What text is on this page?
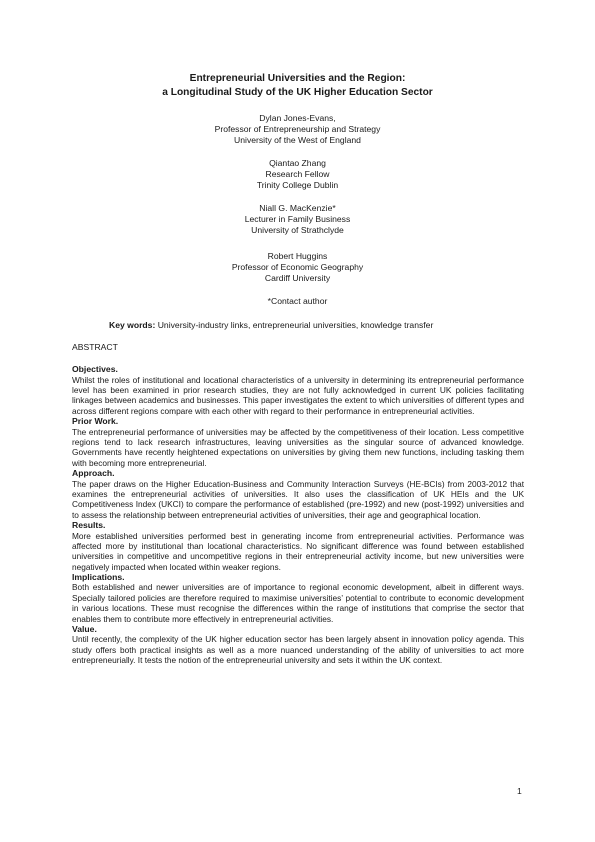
Entrepreneurial Universities and the Region:
a Longitudinal Study of the UK Higher Education Sector
Dylan Jones-Evans,
Professor of Entrepreneurship and Strategy
University of the West of England
Qiantao Zhang
Research Fellow
Trinity College Dublin
Niall G. MacKenzie*
Lecturer in Family Business
University of Strathclyde
Robert Huggins
Professor of Economic Geography
Cardiff University
*Contact author
Key words: University-industry links, entrepreneurial universities, knowledge transfer
ABSTRACT
Objectives.

Whilst the roles of institutional and locational characteristics of a university in determining its entrepreneurial performance level has been examined in prior research studies, they are not fully acknowledged in current UK policies facilitating linkages between academics and businesses. This paper investigates the extent to which universities of different types and across different regions compare with each other with regard to their performance in entrepreneurial activities.

Prior Work.

The entrepreneurial performance of universities may be affected by the competitiveness of their location. Less competitive regions tend to lack research infrastructures, leaving universities as the singular source of advanced knowledge. Governments have recently heightened expectations on universities by giving them new functions, including tasking them with becoming more entrepreneurial.

Approach.

The paper draws on the Higher Education-Business and Community Interaction Surveys (HE-BCIs) from 2003-2012 that examines the entrepreneurial activities of universities. It also uses the classification of UK HEIs and the UK Competitiveness Index (UKCI) to compare the performance of established (pre-1992) and new (post-1992) universities and to assess the relationship between entrepreneurial activities of universities, their age and geographical location.

Results.

More established universities performed best in generating income from entrepreneurial activities. Performance was affected more by institutional than locational characteristics. No significant difference was found between established universities in competitive and uncompetitive regions in their entrepreneurial activity income, but new universities were negatively impacted when located within weaker regions.

Implications.

Both established and newer universities are of importance to regional economic development, albeit in different ways. Specially tailored policies are therefore required to maximise universities’ potential to contribute to economic development in various locations. These must recognise the differences within the range of institutions that comprise the sector that enables them to contribute more effectively in entrepreneurial activities.

Value.

Until recently, the complexity of the UK higher education sector has been largely absent in innovation policy agenda. This study offers both practical insights as well as a more nuanced understanding of the ability of universities to act more entrepreneurially. It tests the notion of the entrepreneurial university and sets it within the UK context.

1
